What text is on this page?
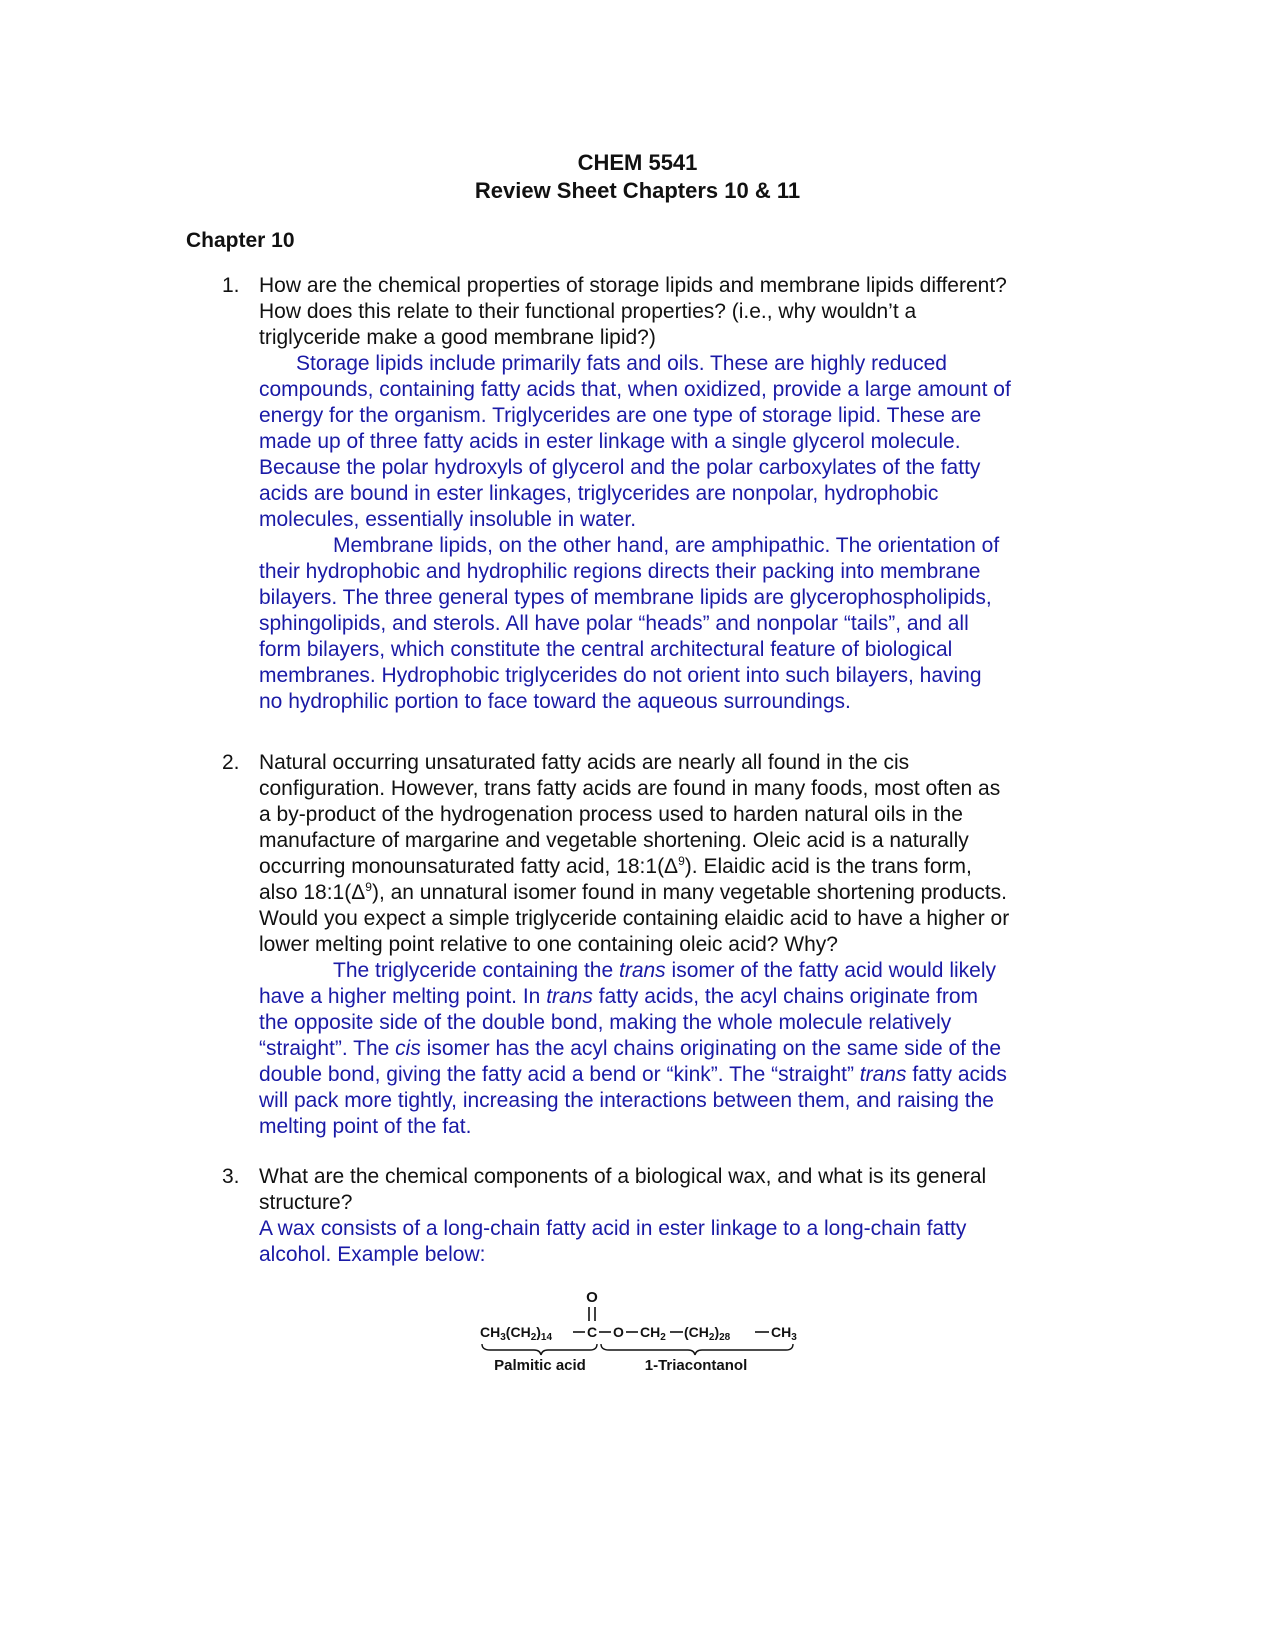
CHEM 5541
Review Sheet Chapters 10 & 11
Chapter 10
1. How are the chemical properties of storage lipids and membrane lipids different?
How does this relate to their functional properties? (i.e., why wouldn’t a
triglyceride make a good membrane lipid?)
Storage lipids include primarily fats and oils. These are highly reduced
compounds, containing fatty acids that, when oxidized, provide a large amount of
energy for the organism. Triglycerides are one type of storage lipid. These are
made up of three fatty acids in ester linkage with a single glycerol molecule.
Because the polar hydroxyls of glycerol and the polar carboxylates of the fatty
acids are bound in ester linkages, triglycerides are nonpolar, hydrophobic
molecules, essentially insoluble in water.
Membrane lipids, on the other hand, are amphipathic. The orientation of
their hydrophobic and hydrophilic regions directs their packing into membrane
bilayers. The three general types of membrane lipids are glycerophospholipids,
sphingolipids, and sterols. All have polar “heads” and nonpolar “tails”, and all
form bilayers, which constitute the central architectural feature of biological
membranes. Hydrophobic triglycerides do not orient into such bilayers, having
no hydrophilic portion to face toward the aqueous surroundings.
2. Natural occurring unsaturated fatty acids are nearly all found in the cis
configuration. However, trans fatty acids are found in many foods, most often as
a by-product of the hydrogenation process used to harden natural oils in the
manufacture of margarine and vegetable shortening. Oleic acid is a naturally
occurring monounsaturated fatty acid, $18:1(\Delta^9)$. Elaidic acid is the trans form,
also $18:1(\Delta^9)$, an unnatural isomer found in many vegetable shortening products.
Would you expect a simple triglyceride containing elaidic acid to have a higher or
lower melting point relative to one containing oleic acid? Why?
The triglyceride containing the trans isomer of the fatty acid would likely
have a higher melting point. In trans fatty acids, the acyl chains originate from
the opposite side of the double bond, making the whole molecule relatively
“straight”. The cis isomer has the acyl chains originating on the same side of the
double bond, giving the fatty acid a bend or “kink”. The “straight” trans fatty acids
will pack more tightly, increasing the interactions between them, and raising the
melting point of the fat.
3. What are the chemical components of a biological wax, and what is its general
structure?
A wax consists of a long-chain fatty acid in ester linkage to a long-chain fatty
alcohol. Example below:
O
$CH_3(CH_2)_{14}$ C O $CH_2$ $(CH_2)_{28}$	$CH_3$
Palmitic acid	1-Triacontanol
